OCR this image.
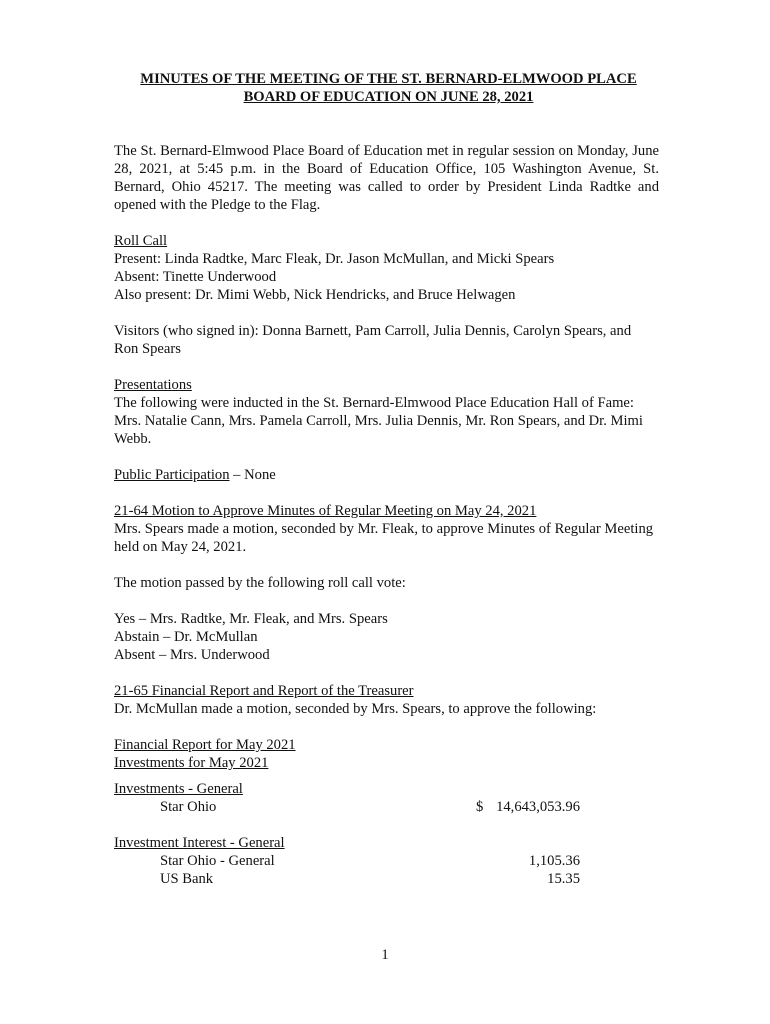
MINUTES OF THE MEETING OF THE ST. BERNARD-ELMWOOD PLACE
BOARD OF EDUCATION ON JUNE 28, 2021
The St. Bernard-Elmwood Place Board of Education met in regular session on Monday, June 28, 2021, at 5:45 p.m. in the Board of Education Office, 105 Washington Avenue, St. Bernard, Ohio 45217. The meeting was called to order by President Linda Radtke and opened with the Pledge to the Flag.
Roll Call
Present: Linda Radtke, Marc Fleak, Dr. Jason McMullan, and Micki Spears
Absent: Tinette Underwood
Also present: Dr. Mimi Webb, Nick Hendricks, and Bruce Helwagen
Visitors (who signed in): Donna Barnett, Pam Carroll, Julia Dennis, Carolyn Spears, and Ron Spears
Presentations
The following were inducted in the St. Bernard-Elmwood Place Education Hall of Fame: Mrs. Natalie Cann, Mrs. Pamela Carroll, Mrs. Julia Dennis, Mr. Ron Spears, and Dr. Mimi Webb.
Public Participation – None
21-64 Motion to Approve Minutes of Regular Meeting on May 24, 2021
Mrs. Spears made a motion, seconded by Mr. Fleak, to approve Minutes of Regular Meeting held on May 24, 2021.
The motion passed by the following roll call vote:
Yes – Mrs. Radtke, Mr. Fleak, and Mrs. Spears
Abstain – Dr. McMullan
Absent – Mrs. Underwood
21-65 Financial Report and Report of the Treasurer
Dr. McMullan made a motion, seconded by Mrs. Spears, to approve the following:
Financial Report for May 2021
Investments for May 2021
Investments - General
Star Ohio	$ 14,643,053.96
Investment Interest - General
Star Ohio - General	1,105.36
US Bank	15.35
1
